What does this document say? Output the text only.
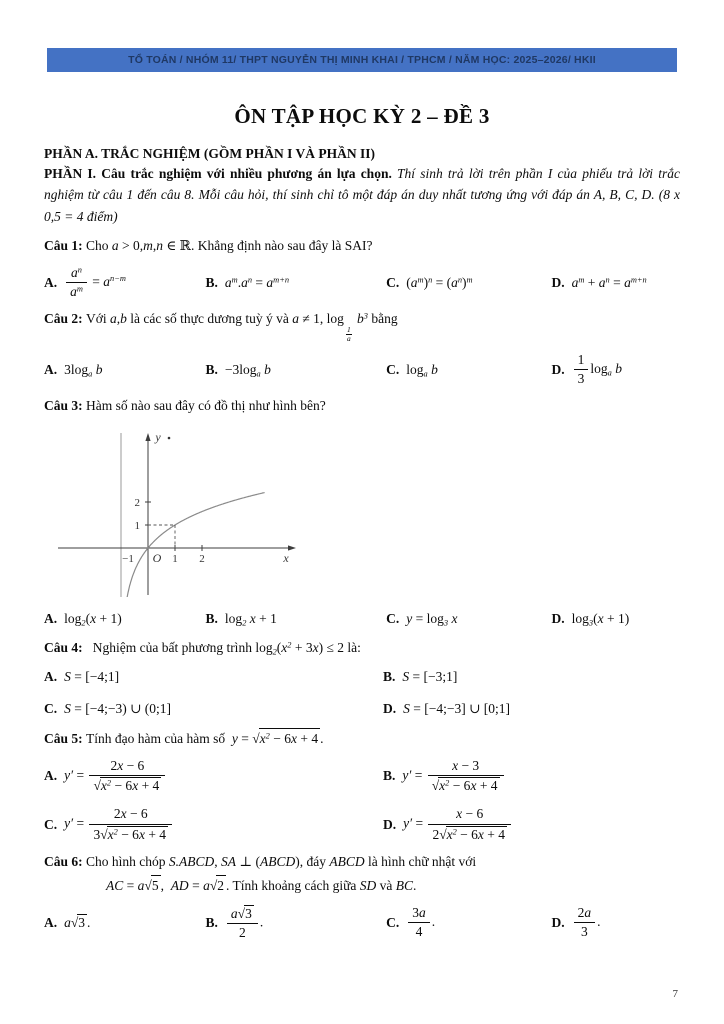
TỔ TOÁN / NHÓM 11/ THPT NGUYỄN THỊ MINH KHAI / TPHCM / NĂM HỌC: 2025–2026/ HKII
ÔN TẬP HỌC KỲ 2 – ĐỀ 3

PHẦN A. TRẮC NGHIỆM (GỒM PHẦN I VÀ PHẦN II)

PHẦN I. Câu trắc nghiệm với nhiều phương án lựa chọn. Thí sinh trả lời trên phần I của phiếu trả lời trắc nghiệm từ câu 1 đến câu 8. Mỗi câu hỏi, thí sinh chỉ tô một đáp án duy nhất tương ứng với đáp án A, B, C, D. (8 x 0,5 = 4 điểm)

Câu 1: Cho a > 0,m,n ∈ ℝ. Khẳng định nào sau đây là SAI?

A. $\frac{a^n}{a^m} = a^{n-m}$	B. $a^m.a^n = a^{m+n}$	C. $(a^m)^n = (a^n)^m$	D. $a^m + a^n = a^{m+n}$

Câu 2: Với a,b là các số thực dương tuỳ ý và a ≠ 1, log
$\frac{1}{a}$
$b^3$ bằng

A. $3\log_a$ b	B. $-3\log_a$ b	C. $\log_a b$	D. $\frac{1}{3} \log_a b$

Câu 3: Hàm số nào sau đây có đồ thị như hình bên?

1
2
−1 O 1 2
y
x
A. $\log_2(x + 1)$	B. $\log_2 x + 1$	C. $y = \log_3 x$	D. $\log_3(x + 1)$

Câu 4:   Nghiệm của bất phương trình $\log_2(x^2 + 3x) \le 2$ là:

A. S = [−4;1]	B. S = [−3;1]
C. S = [−4;−3) ∪ (0;1]	D. S = [−4;−3] ∪ [0;1]

Câu 5: Tính đạo hàm của hàm số  y = √ $x^2 - 6x + 4$ .

A. $y' = \frac{2x - 6}{√ x^2 - 6x + 4}$	B. $y' = \frac{x - 3}{√ x^2 - 6x + 4}$
C. $y' = \frac{2x - 6}{3 √ x^2 - 6x + 4}$	D. $y' = \frac{x - 6}{2 √ x^2 - 6x + 4}$

Câu 6: Cho hình chóp S.ABCD, SA ⊥ (ABCD), đáy ABCD là hình chữ nhật với

AC = a √ 5 ,  AD = a √ 2 . Tính khoảng cách giữa SD và BC.

A. a √ 3 .	B. $\frac{a √ 3}{2}$ .	C. $\frac{3a}{4}$ .	D. $\frac{2a}{3}$ .
7
